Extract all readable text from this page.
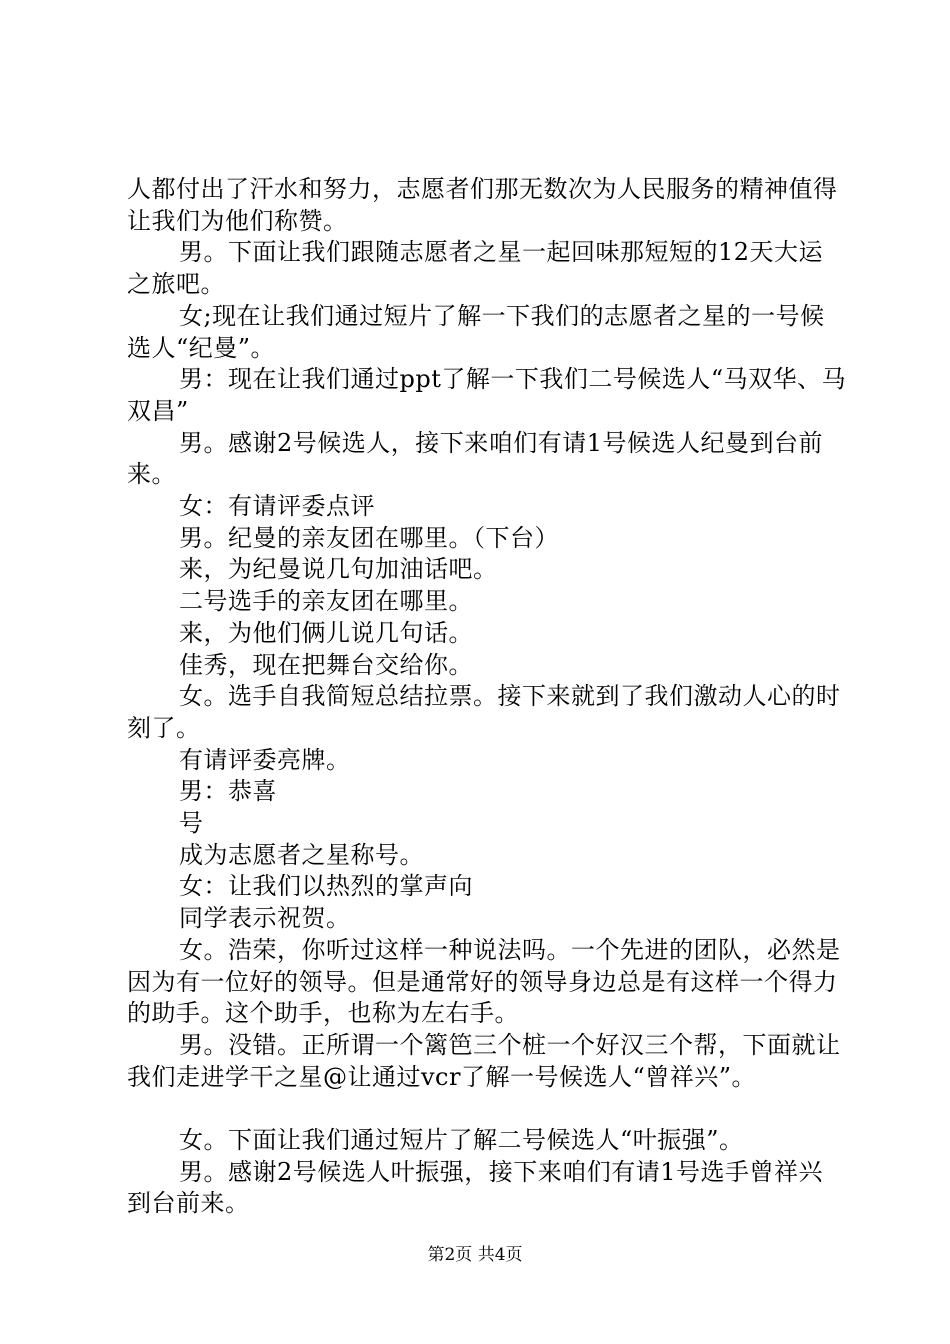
人都付出了汗水和努力，志愿者们那无数次为人民服务的精神值得让我们为他们称赞。

男。下面让我们跟随志愿者之星一起回味那短短的12天大运之旅吧。

女;现在让我们通过短片了解一下我们的志愿者之星的一号候选人“纪曼”。

男：现在让我们通过ppt了解一下我们二号候选人“马双华、马双昌”

男。感谢2号候选人，接下来咱们有请1号候选人纪曼到台前来。

女：有请评委点评

男。纪曼的亲友团在哪里。（下台）

来，为纪曼说几句加油话吧。

二号选手的亲友团在哪里。

来，为他们俩儿说几句话。

佳秀，现在把舞台交给你。

女。选手自我简短总结拉票。接下来就到了我们激动人心的时刻了。

有请评委亮牌。

男：恭喜

号

成为志愿者之星称号。

女：让我们以热烈的掌声向

同学表示祝贺。

女。浩荣，你听过这样一种说法吗。一个先进的团队，必然是因为有一位好的领导。但是通常好的领导身边总是有这样一个得力的助手。这个助手，也称为左右手。

男。没错。正所谓一个篱笆三个桩一个好汉三个帮，下面就让我们走进学干之星@让通过vcr了解一号候选人“曾祥兴”。

女。下面让我们通过短片了解二号候选人“叶振强”。

男。感谢2号候选人叶振强，接下来咱们有请1号选手曾祥兴到台前来。

第2页 共4页
